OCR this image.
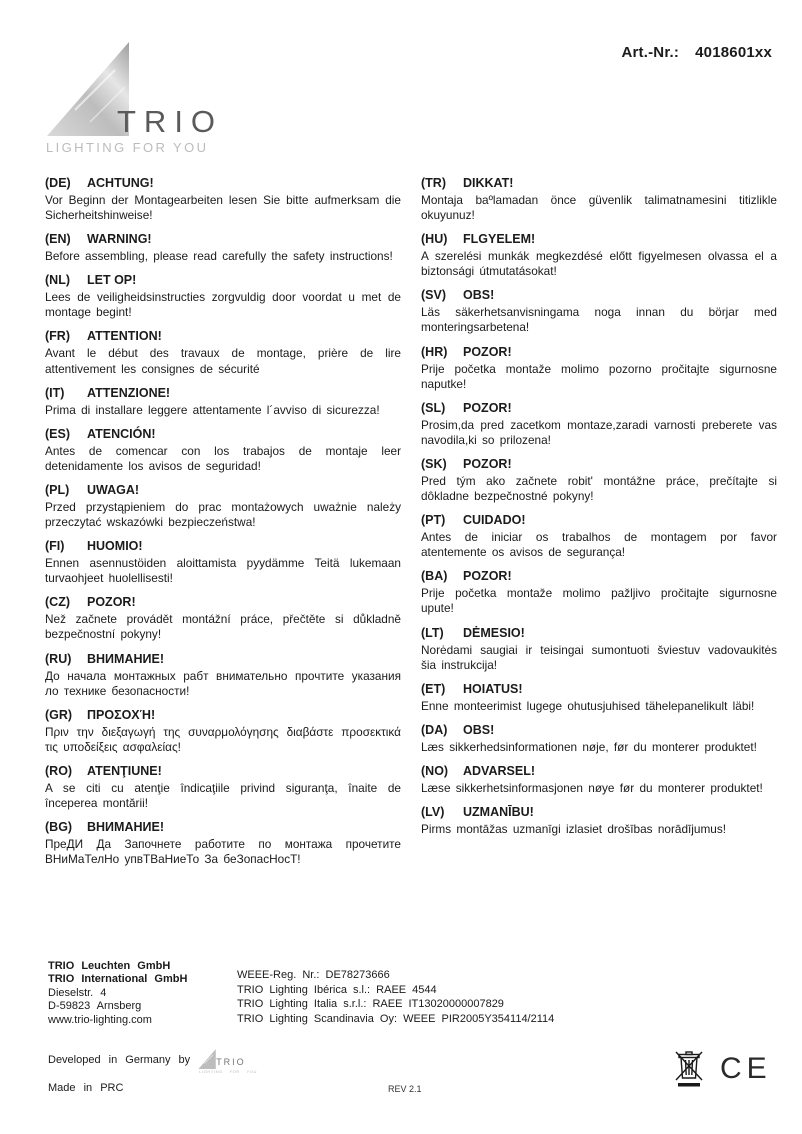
Art.-Nr.: 4018601xx
TRIO
LIGHTING FOR YOU
(DE) ACHTUNG!

Vor Beginn der Montagearbeiten lesen Sie bitte aufmerksam die Sicherheitshinweise!

(EN) WARNING!

Before assembling, please read carefully the safety instructions!

(NL) LET OP!

Lees de veiligheidsinstructies zorgvuldig door voordat u met de montage begint!

(FR) ATTENTION!

Avant le début des travaux de montage, prière de lire attentivement les consignes de sécurité

(IT) ATTENZIONE!

Prima di installare leggere attentamente l´avviso di sicurezza!

(ES) ATENCIÓN!

Antes de comencar con los trabajos de montaje leer detenidamente los avisos de seguridad!

(PL) UWAGA!

Przed przystąpieniem do prac montażowych uważnie należy przeczytać wskazówki bezpieczeństwa!

(FI) HUOMIO!

Ennen asennustöiden aloittamista pyydämme Teitä lukemaan turvaohjeet huolellisesti!

(CZ) POZOR!

Než začnete provádět montážní práce, přečtěte si důkladně bezpečnostní pokyny!

(RU) ВНИМАНИЕ!

До начала монтажных рабт внимательно прочтите указания ло технике безопасности!

(GR) ΠΡΟΣΟΧΉ!

Πριν την διεξαγωγή της συναρμολόγησης διαβάστε προσεκτικά τις υποδείξεις ασφαλείας!

(RO) ATENŢIUNE!

A se citi cu atenţie îndicaţiile privind siguranţa, înaite de începerea montării!

(BG) ВНИМАНИЕ!

ПреДИ Да Започнете работите по монтажа прочетите ВНиМаТелНо упвТВаНиеТо За беЗопасНосТ!

(TR) DIKKAT!

Montaja baºlamadan önce güvenlik talimatnamesini titizlikle okuyunuz!

(HU) FLGYELEM!

A szerelési munkák megkezdésé előtt figyelmesen olvassa el a biztonsági útmutatásokat!

(SV) OBS!

Läs säkerhetsanvisningama noga innan du börjar med monteringsarbetena!

(HR) POZOR!

Prije početka montaže molimo pozorno pročitajte sigurnosne naputke!

(SL) POZOR!

Prosim,da pred zacetkom montaze,zaradi varnosti preberete vas navodila,ki so prilozena!

(SK) POZOR!

Pred tým ako začnete robit' montážne práce, prečítajte si dôkladne bezpečnostné pokyny!

(PT) CUIDADO!

Antes de iniciar os trabalhos de montagem por favor atentemente os avisos de segurança!

(BA) POZOR!

Prije početka montaže molimo pažljivo pročitajte sigurnosne upute!

(LT) DĖMESIO!

Norėdami saugiai ir teisingai sumontuoti šviestuv vadovaukitės šia instrukcija!

(ET) HOIATUS!

Enne monteerimist lugege ohutusjuhised tähelepanelikult läbi!

(DA) OBS!

Læs sikkerhedsinformationen nøje, før du monterer produktet!

(NO) ADVARSEL!

Læse sikkerhetsinformasjonen nøye før du monterer produktet!

(LV) UZMANĪBU!

Pirms montāžas uzmanīgi izlasiet drošības norādījumus!

TRIO Leuchten GmbH
TRIO International GmbH
Dieselstr. 4
D-59823 Arnsberg
www.trio-lighting.com
WEEE-Reg. Nr.: DE78273666
TRIO Lighting Ibérica s.l.: RAEE 4544
TRIO Lighting Italia s.r.l.: RAEE IT13020000007829
TRIO Lighting Scandinavia Oy: WEEE PIR2005Y354114/2114
Developed in Germany by	TRIO
LIGHTING FOR YOU
Made in PRC	REV 2.1
CE
